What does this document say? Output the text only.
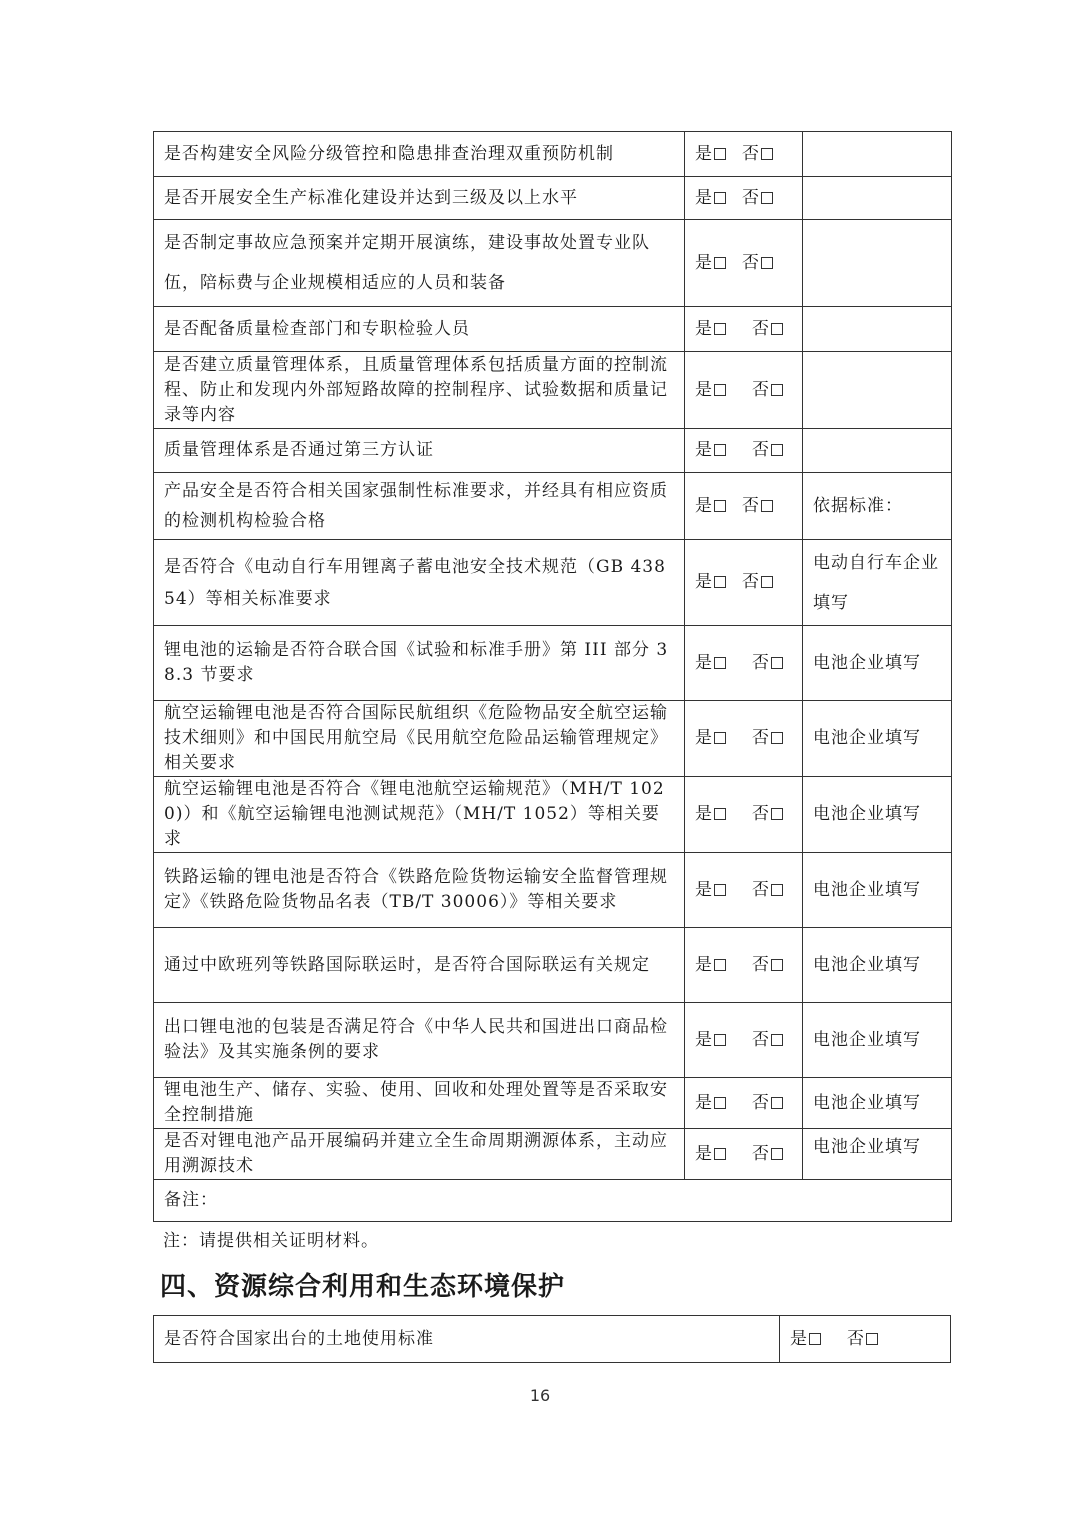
是否构建安全风险分级管控和隐患排查治理双重预防机制	是 否	
是否开展安全生产标准化建设并达到三级及以上水平	是 否	
是否制定事故应急预案并定期开展演练，建设事故处置专业队伍，陪标费与企业规模相适应的人员和装备	是 否	
是否配备质量检查部门和专职检验人员	是 否	
是否建立质量管理体系，且质量管理体系包括质量方面的控制流程、防止和发现内外部短路故障的控制程序、试验数据和质量记录等内容	是 否	
质量管理体系是否通过第三方认证	是 否	
产品安全是否符合相关国家强制性标准要求，并经具有相应资质的检测机构检验合格	是 否	依据标准：
是否符合《电动自行车用锂离子蓄电池安全技术规范（GB 43854）等相关标准要求	是 否	电动自行车企业填写
锂电池的运输是否符合联合国《试验和标准手册》第 III 部分 38.3 节要求	是 否	电池企业填写
航空运输锂电池是否符合国际民航组织《危险物品安全航空运输技术细则》和中国民用航空局《民用航空危险品运输管理规定》相关要求	是 否	电池企业填写
航空运输锂电池是否符合《锂电池航空运输规范》（MH/T 1020)）和《航空运输锂电池测试规范》（MH/T 1052）等相关要求	是 否	电池企业填写
铁路运输的锂电池是否符合《铁路危险货物运输安全监督管理规定》《铁路危险货物品名表（TB/T 30006）》等相关要求	是 否	电池企业填写
通过中欧班列等铁路国际联运时，是否符合国际联运有关规定	是 否	电池企业填写
出口锂电池的包装是否满足符合《中华人民共和国进出口商品检验法》及其实施条例的要求	是 否	电池企业填写
锂电池生产、储存、实验、使用、回收和处理处置等是否采取安全控制措施	是 否	电池企业填写
是否对锂电池产品开展编码并建立全生命周期溯源体系，主动应用溯源技术	是 否	电池企业填写
备注：		

注：请提供相关证明材料。

四、资源综合利用和生态环境保护
是否符合国家出台的土地使用标准	是 否

16
